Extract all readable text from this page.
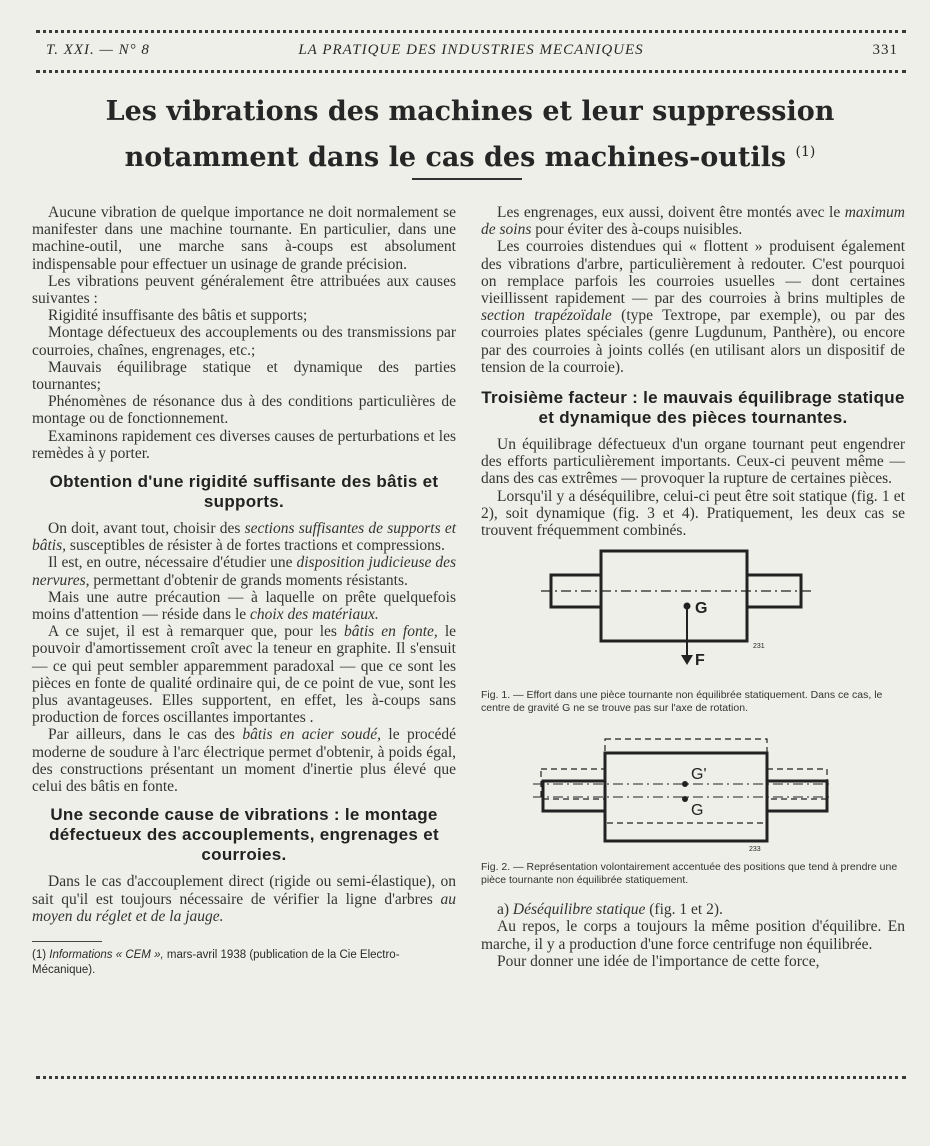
T. XXI. — N° 8	LA PRATIQUE DES INDUSTRIES MECANIQUES	331
Les vibrations des machines et leur suppression
notamment dans le cas des machines-outils $^{(1)}$

Aucune vibration de quelque importance ne doit normalement se manifester dans une machine tournante. En particulier, dans une machine-outil, une marche sans à-coups est absolument indispensable pour effectuer un usinage de grande précision.

Les vibrations peuvent généralement être attribuées aux causes suivantes :

Rigidité insuffisante des bâtis et supports;

Montage défectueux des accouplements ou des transmissions par courroies, chaînes, engrenages, etc.;

Mauvais équilibrage statique et dynamique des parties tournantes;

Phénomènes de résonance dus à des conditions particulières de montage ou de fonctionnement.

Examinons rapidement ces diverses causes de perturbations et les remèdes à y porter.

Obtention d'une rigidité suffisante des bâtis et supports.

On doit, avant tout, choisir des sections suffisantes de supports et bâtis, susceptibles de résister à de fortes tractions et compressions.

Il est, en outre, nécessaire d'étudier une disposition judicieuse des nervures, permettant d'obtenir de grands moments résistants.

Mais une autre précaution — à laquelle on prête quelquefois moins d'attention — réside dans le choix des matériaux.

A ce sujet, il est à remarquer que, pour les bâtis en fonte, le pouvoir d'amortissement croît avec la teneur en graphite. Il s'ensuit — ce qui peut sembler apparemment paradoxal — que ce sont les pièces en fonte de qualité ordinaire qui, de ce point de vue, sont les plus avantageuses. Elles supportent, en effet, les à-coups sans production de forces oscillantes importantes .

Par ailleurs, dans le cas des bâtis en acier soudé, le procédé moderne de soudure à l'arc électrique permet d'obtenir, à poids égal, des constructions présentant un moment d'inertie plus élevé que celui des bâtis en fonte.

Une seconde cause de vibrations : le montage défectueux des accouplements, engrenages et courroies.

Dans le cas d'accouplement direct (rigide ou semi-élastique), on sait qu'il est toujours nécessaire de vérifier la ligne d'arbres au moyen du réglet et de la jauge.

(1) Informations « CEM », mars-avril 1938 (publication de la Cie Electro-Mécanique).

Les engrenages, eux aussi, doivent être montés avec le maximum de soins pour éviter des à-coups nuisibles.

Les courroies distendues qui « flottent » produisent également des vibrations d'arbre, particulièrement à redouter. C'est pourquoi on remplace parfois les courroies usuelles — dont certaines vieillissent rapidement — par des courroies à brins multiples de section trapézoïdale (type Textrope, par exemple), ou par des courroies plates spéciales (genre Lugdunum, Panthère), ou encore par des courroies à joints collés (en utilisant alors un dispositif de tension de la courroie).

Troisième facteur : le mauvais équilibrage statique et dynamique des pièces tournantes.

Un équilibrage défectueux d'un organe tournant peut engendrer des efforts particulièrement importants. Ceux-ci peuvent même — dans des cas extrêmes — provoquer la rupture de certaines pièces.

Lorsqu'il y a déséquilibre, celui-ci peut être soit statique (fig. 1 et 2), soit dynamique (fig. 3 et 4). Pratiquement, les deux cas se trouvent fréquemment combinés.

G
F
231
Fig. 1. — Effort dans une pièce tournante non équilibrée statiquement. Dans ce cas, le centre de gravité G ne se trouve pas sur l'axe de rotation.
G'
G
233
Fig. 2. — Représentation volontairement accentuée des positions que tend à prendre une pièce tournante non équilibrée statiquement.

a) Déséquilibre statique (fig. 1 et 2).

Au repos, le corps a toujours la même position d'équilibre. En marche, il y a production d'une force centrifuge non équilibrée.

Pour donner une idée de l'importance de cette force,
